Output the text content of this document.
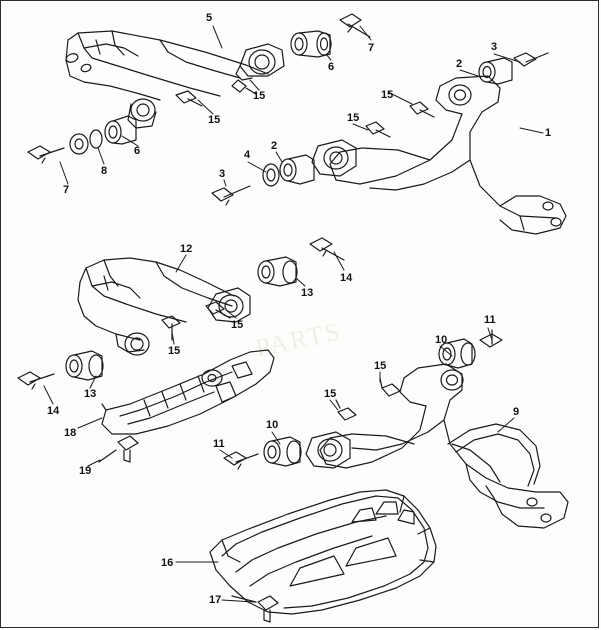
PARTS
5
7
6
3
2
15	15
1
15
6	4
2
15
8	3
7
12
14
13
15
15
11
10
13
14
15
15
9
18
10
11
19
16
17
